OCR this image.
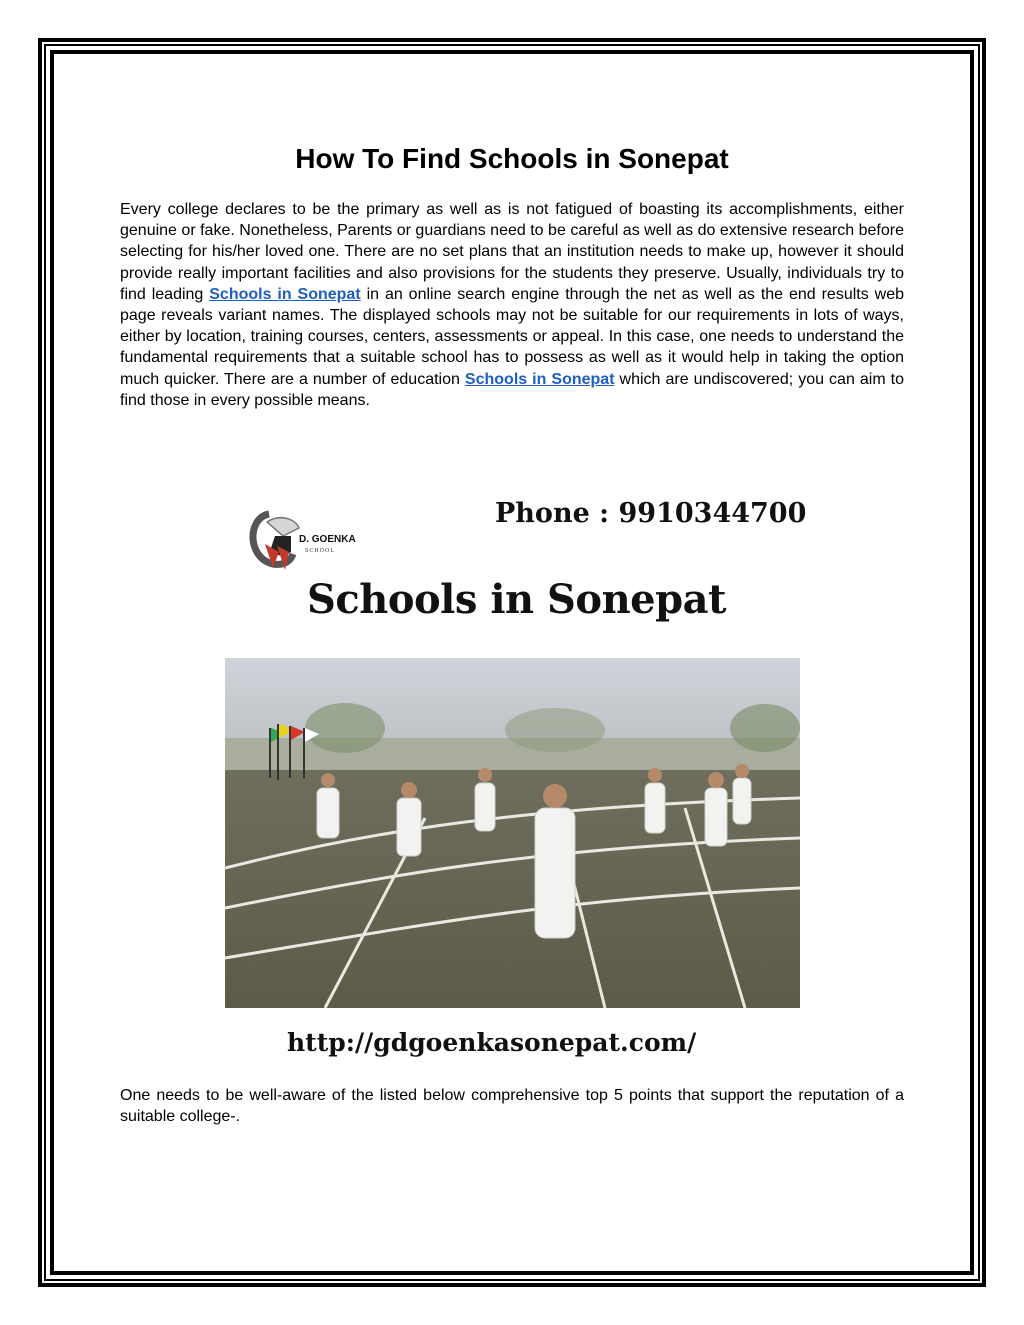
How To Find Schools in Sonepat

Every college declares to be the primary as well as is not fatigued of boasting its accomplishments, either genuine or fake. Nonetheless, Parents or guardians need to be careful as well as do extensive research before selecting for his/her loved one. There are no set plans that an institution needs to make up, however it should provide really important facilities and also provisions for the students they preserve. Usually, individuals try to find leading Schools in Sonepat in an online search engine through the net as well as the end results web page reveals variant names. The displayed schools may not be suitable for our requirements in lots of ways, either by location, training courses, centers, assessments or appeal. In this case, one needs to understand the fundamental requirements that a suitable school has to possess as well as it would help in taking the option much quicker. There are a number of education Schools in Sonepat which are undiscovered; you can aim to find those in every possible means.

One needs to be well-aware of the listed below comprehensive top 5 points that support the reputation of a suitable college-.

D. GOENKA
SCHOOL
Phone : 9910344700
Schools in Sonepat
http://gdgoenkasonepat.com/
